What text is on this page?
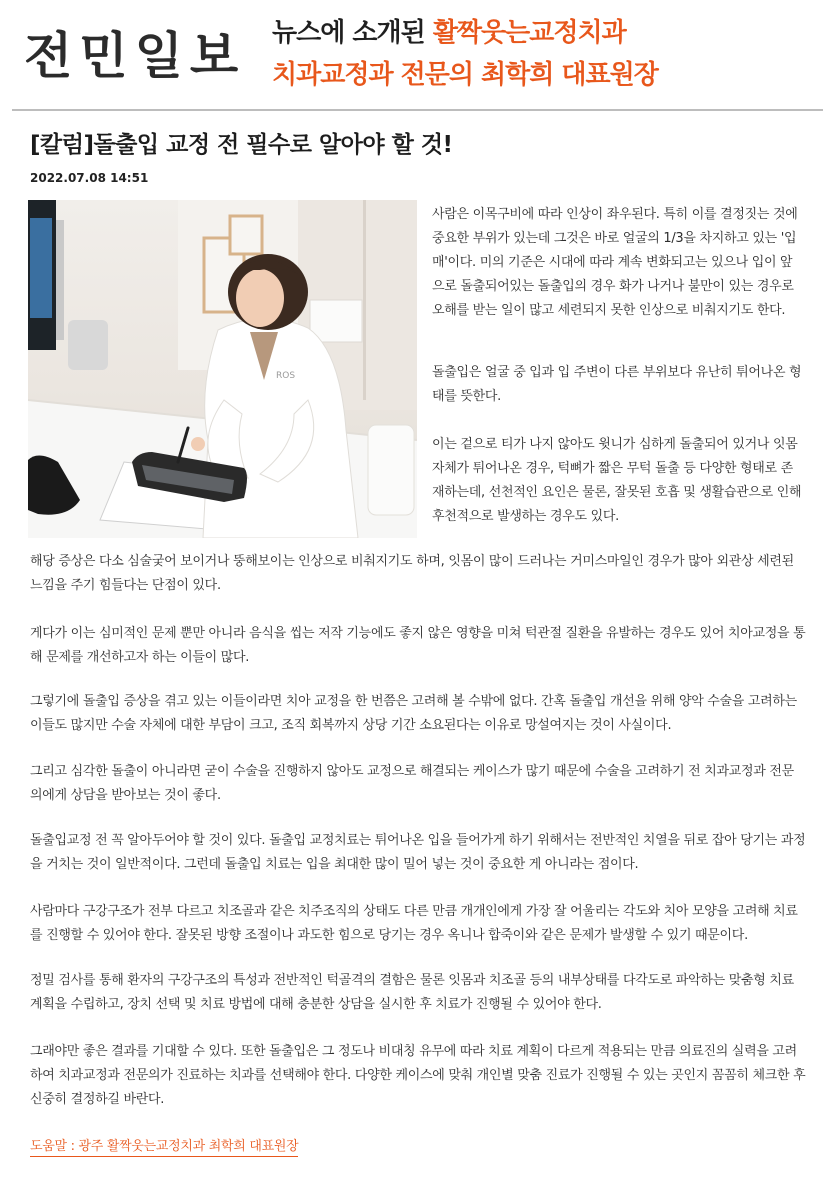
전민일보 뉴스에 소개된 활짝웃는교정치과
치과교정과 전문의 최학희 대표원장
[칼럼]돌출입 교정 전 필수로 알아야 할 것!
2022.07.08 14:51
ROS
사람은 이목구비에 따라 인상이 좌우된다. 특히 이를 결정짓는 것에 중요한 부위가 있는데 그것은 바로 얼굴의 1/3을 차지하고 있는 '입매'이다. 미의 기준은 시대에 따라 계속 변화되고는 있으나 입이 앞으로 돌출되어있는 돌출입의 경우 화가 나거나 불만이 있는 경우로 오해를 받는 일이 많고 세련되지 못한 인상으로 비춰지기도 한다.
돌출입은 얼굴 중 입과 입 주변이 다른 부위보다 유난히 튀어나온 형태를 뜻한다.
이는 겉으로 티가 나지 않아도 윗니가 심하게 돌출되어 있거나 잇몸 자체가 튀어나온 경우, 턱뼈가 짧은 무턱 돌출 등 다양한 형태로 존재하는데, 선천적인 요인은 물론, 잘못된 호흡 및 생활습관으로 인해 후천적으로 발생하는 경우도 있다.
해당 증상은 다소 심술궂어 보이거나 뚱해보이는 인상으로 비춰지기도 하며, 잇몸이 많이 드러나는 거미스마일인 경우가 많아 외관상 세련된 느낌을 주기 힘들다는 단점이 있다.
게다가 이는 심미적인 문제 뿐만 아니라 음식을 씹는 저작 기능에도 좋지 않은 영향을 미쳐 턱관절 질환을 유발하는 경우도 있어 치아교정을 통해 문제를 개선하고자 하는 이들이 많다.
그렇기에 돌출입 증상을 겪고 있는 이들이라면 치아 교정을 한 번쯤은 고려해 볼 수밖에 없다. 간혹 돌출입 개선을 위해 양악 수술을 고려하는 이들도 많지만 수술 자체에 대한 부담이 크고, 조직 회복까지 상당 기간 소요된다는 이유로 망설여지는 것이 사실이다.
그리고 심각한 돌출이 아니라면 굳이 수술을 진행하지 않아도 교정으로 해결되는 케이스가 많기 때문에 수술을 고려하기 전 치과교정과 전문의에게 상담을 받아보는 것이 좋다.
돌출입교정 전 꼭 알아두어야 할 것이 있다. 돌출입 교정치료는 튀어나온 입을 들어가게 하기 위해서는 전반적인 치열을 뒤로 잡아 당기는 과정을 거치는 것이 일반적이다. 그런데 돌출입 치료는 입을 최대한 많이 밀어 넣는 것이 중요한 게 아니라는 점이다.
사람마다 구강구조가 전부 다르고 치조골과 같은 치주조직의 상태도 다른 만큼 개개인에게 가장 잘 어울리는 각도와 치아 모양을 고려해 치료를 진행할 수 있어야 한다. 잘못된 방향 조절이나 과도한 힘으로 당기는 경우 옥니나 합죽이와 같은 문제가 발생할 수 있기 때문이다.
정밀 검사를 통해 환자의 구강구조의 특성과 전반적인 턱골격의 결함은 물론 잇몸과 치조골 등의 내부상태를 다각도로 파악하는 맞춤형 치료 계획을 수립하고, 장치 선택 및 치료 방법에 대해 충분한 상담을 실시한 후 치료가 진행될 수 있어야 한다.
그래야만 좋은 결과를 기대할 수 있다. 또한 돌출입은 그 정도나 비대칭 유무에 따라 치료 계획이 다르게 적용되는 만큼 의료진의 실력을 고려하여 치과교정과 전문의가 진료하는 치과를 선택해야 한다. 다양한 케이스에 맞춰 개인별 맞춤 진료가 진행될 수 있는 곳인지 꼼꼼히 체크한 후 신중히 결정하길 바란다.
도움말 : 광주 활짝웃는교정치과 최학희 대표원장
